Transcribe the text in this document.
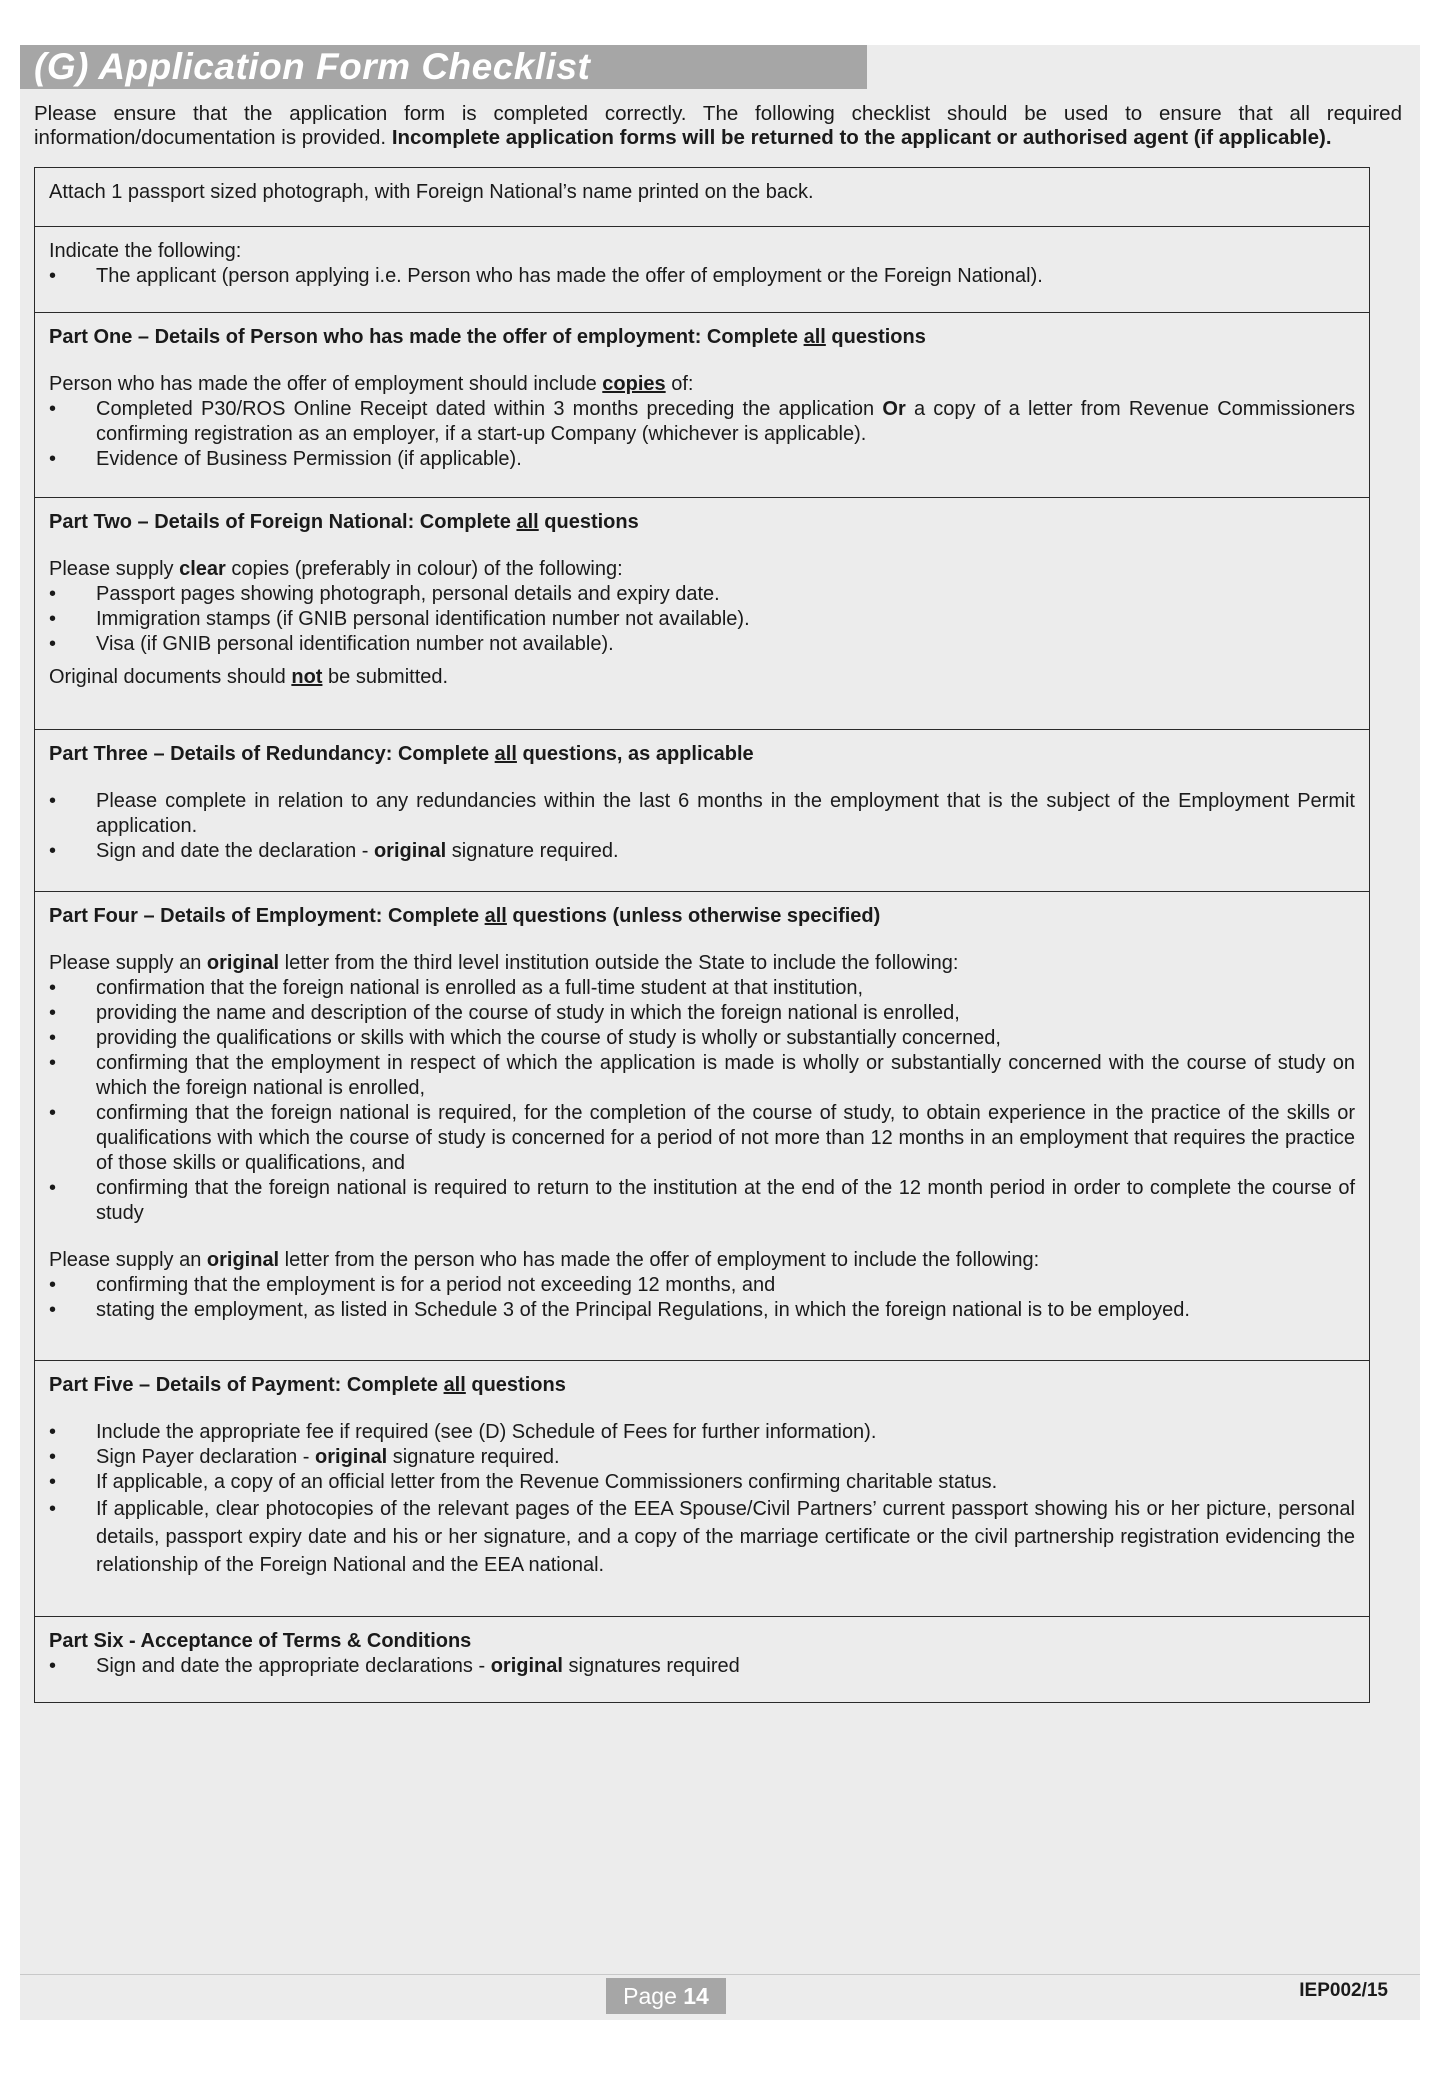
(G) Application Form Checklist
Please ensure that the application form is completed correctly. The following checklist should be used to ensure that all required information/documentation is provided. Incomplete application forms will be returned to the applicant or authorised agent (if applicable).

Attach 1 passport sized photograph, with Foreign National’s name printed on the back.

Indicate the following:

• The applicant (person applying i.e. Person who has made the offer of employment or the Foreign National).

Part One – Details of Person who has made the offer of employment: Complete all questions

Person who has made the offer of employment should include copies of:

• Completed P30/ROS Online Receipt dated within 3 months preceding the application Or a copy of a letter from Revenue Commissioners confirming registration as an employer, if a start-up Company (whichever is applicable).
• Evidence of Business Permission (if applicable).

Part Two – Details of Foreign National: Complete all questions

Please supply clear copies (preferably in colour) of the following:

• Passport pages showing photograph, personal details and expiry date.
• Immigration stamps (if GNIB personal identification number not available).
• Visa (if GNIB personal identification number not available).

Original documents should not be submitted.

Part Three – Details of Redundancy: Complete all questions, as applicable

• Please complete in relation to any redundancies within the last 6 months in the employment that is the subject of the Employment Permit application.
• Sign and date the declaration - original signature required.

Part Four – Details of Employment: Complete all questions (unless otherwise specified)

Please supply an original letter from the third level institution outside the State to include the following:

• confirmation that the foreign national is enrolled as a full-time student at that institution,
• providing the name and description of the course of study in which the foreign national is enrolled,
• providing the qualifications or skills with which the course of study is wholly or substantially concerned,
• confirming that the employment in respect of which the application is made is wholly or substantially concerned with the course of study on which the foreign national is enrolled,
• confirming that the foreign national is required, for the completion of the course of study, to obtain experience in the practice of the skills or qualifications with which the course of study is concerned for a period of not more than 12 months in an employment that requires the practice of those skills or qualifications, and
• confirming that the foreign national is required to return to the institution at the end of the 12 month period in order to complete the course of study

Please supply an original letter from the person who has made the offer of employment to include the following:

• confirming that the employment is for a period not exceeding 12 months, and
• stating the employment, as listed in Schedule 3 of the Principal Regulations, in which the foreign national is to be employed.

Part Five – Details of Payment: Complete all questions

• Include the appropriate fee if required (see (D) Schedule of Fees for further information).
• Sign Payer declaration - original signature required.
• If applicable, a copy of an official letter from the Revenue Commissioners confirming charitable status.
• If applicable, clear photocopies of the relevant pages of the EEA Spouse/Civil Partners’ current passport showing his or her picture, personal details, passport expiry date and his or her signature, and a copy of the marriage certificate or the civil partnership registration evidencing the relationship of the Foreign National and the EEA national.

Part Six - Acceptance of Terms & Conditions

• Sign and date the appropriate declarations - original signatures required
Page 14	IEP002/15
